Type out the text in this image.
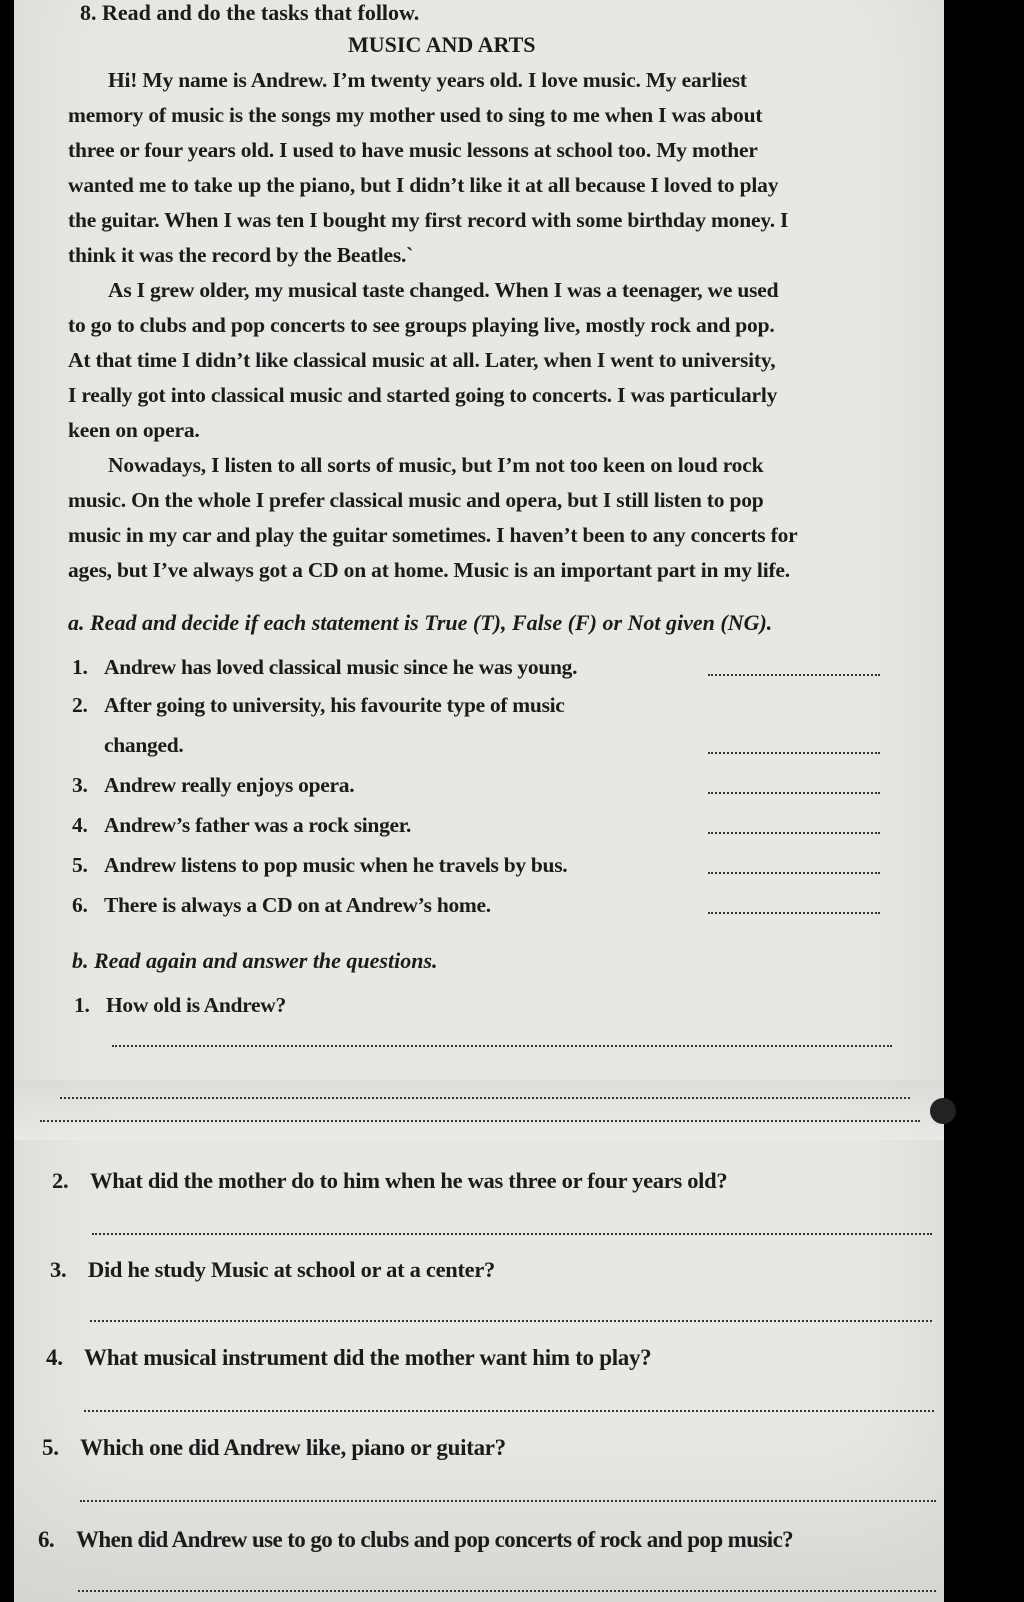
8. Read and do the tasks that follow.
MUSIC AND ARTS
Hi! My name is Andrew. I’m twenty years old. I love music. My earliest
memory of music is the songs my mother used to sing to me when I was about
three or four years old. I used to have music lessons at school too. My mother
wanted me to take up the piano, but I didn’t like it at all because I loved to play
the guitar. When I was ten I bought my first record with some birthday money. I
think it was the record by the Beatles.`
As I grew older, my musical taste changed. When I was a teenager, we used
to go to clubs and pop concerts to see groups playing live, mostly rock and pop.
At that time I didn’t like classical music at all. Later, when I went to university,
I really got into classical music and started going to concerts. I was particularly
keen on opera.
Nowadays, I listen to all sorts of music, but I’m not too keen on loud rock
music. On the whole I prefer classical music and opera, but I still listen to pop
music in my car and play the guitar sometimes. I haven’t been to any concerts for
ages, but I’ve always got a CD on at home. Music is an important part in my life.
a. Read and decide if each statement is True (T), False (F) or Not given (NG).
1. Andrew has loved classical music since he was young.
2. After going to university, his favourite type of music
changed.
3. Andrew really enjoys opera.
4. Andrew’s father was a rock singer.
5. Andrew listens to pop music when he travels by bus.
6. There is always a CD on at Andrew’s home.
b. Read again and answer the questions.
1. How old is Andrew?
2. What did the mother do to him when he was three or four years old?
3. Did he study Music at school or at a center?
4. What musical instrument did the mother want him to play?
5. Which one did Andrew like, piano or guitar?
6. When did Andrew use to go to clubs and pop concerts of rock and pop music?
